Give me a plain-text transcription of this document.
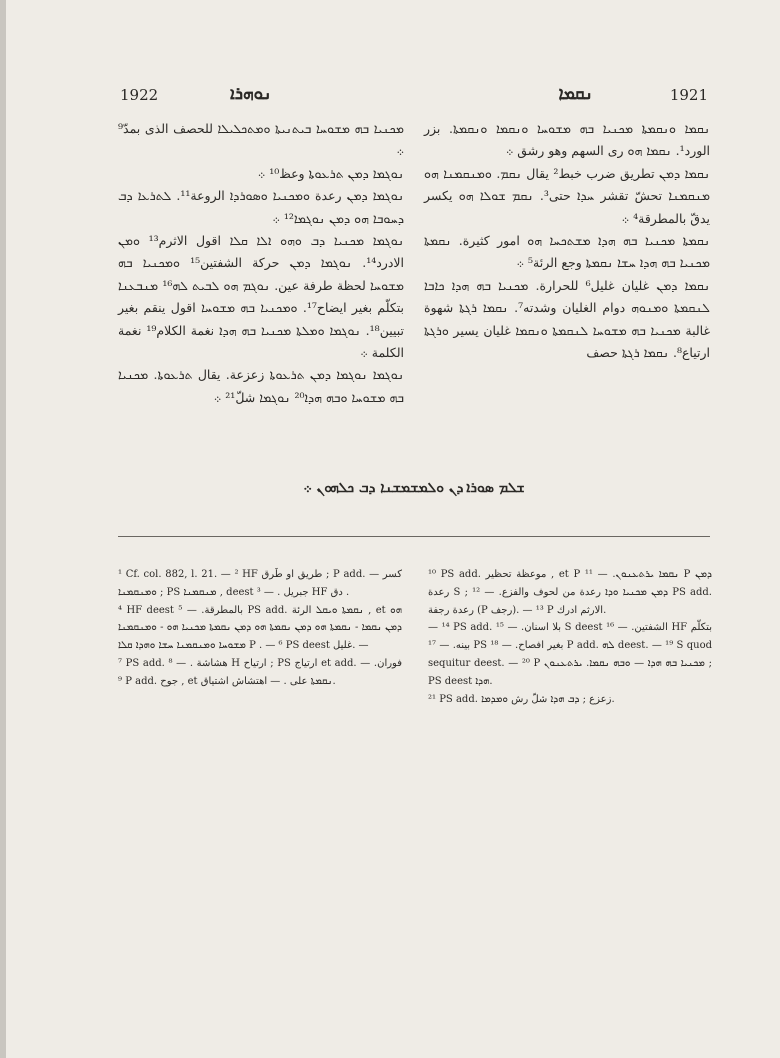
1922	ܢܘܗܪܐ	ܢܩܡܐ	1921

ܡܟܢܝܐ ܒܗ ܡܫܘܚܐ ܒܝܬܢܝܬܐ ܘܡܬܟܠܝܠܐ للحصف الذى بمدّ⁹ ܀

ܢܘܓܡܐ ܕܡܢ ܬܪܥܘܬܐ وعظ¹⁰ ܀

ܢܘܓܡܐ ܕܡܢ رعدة ܘܡܟܢܝܐ ܘܣܘܪܕܐ الروعة¹¹. ܠܬܪܥܐ ܕܒ ܕܚܘܒܐ ܗܘ ܕܡܢ ܢܘܓܡܐ¹² ܀

ܢܘܓܡܐ ܡܟܢܝܐ ܕܒ ܘܗܘ ܐܠܐ ܩܠܐ اقول الاثرم¹³ ܘܡܢ الادرد¹⁴. ܢܘܓܡܐ ܕܡܢ حركة الشفتين¹⁵ ܘܡܟܢܝܐ ܒܗ ܡܫܘܚܐ لحظة طرفة عين. ܢܘܓܡ ܗܘ ܠܒܝܬ ܠܗ¹⁶ ܡܢܒܥܢܐ بتكلّم بغير ايضاح¹⁷. ܘܡܟܢܝܐ ܒܗ ܡܫܘܚܐ اقول ينقم بغير تبيين¹⁸. ܢܘܓܡܐ ܘܡܠܬܐ ܡܟܢܝܐ ܒܗ ܗܕܐ نغمة الكلام¹⁹ نغمة الكلمة ܀

ܢܘܓܡܐ ܢܘܓܡܐ ܕܡܢ ܬܪܥܘܬܐ زعزعة. يقال ܬܪܥܘܬܐ. ܡܟܢܝܐ ܒܗ ܡܫܘܚܐ ܘܒܗ ܗܕܐ²⁰ ܢܘܓܡܐ شلّ²¹ ܀

ܢܩܡܐ ܘܢܩܡܬܐ ܡܟܢܝܐ ܒܗ ܡܫܘܚܐ ܘܢܩܡܐ ܘܢܩܡܬܐ. بزر الورد¹. ܢܩܡܐ ܗܘ رى السهم وهو رشق ܀

ܢܩܡܐ ܕܡܢ تطريق ضرب خبط² يقال ܢܩܡ. ܘܡܢܩܡܢܐ ܗܘ ܡܢܩܡܢܐ تحشّ تقشر ܚܕܐ حتى³. ܢܩܡ ܫܘܠܐ ܗܘ يكسر يدقّ بالمطرقة⁴ ܀

ܢܩܡܬܐ ܡܟܢܝܐ ܒܗ ܗܕܐ ܡܫܬܟܚܐ ܗܘ امور كثيرة. ܢܩܡܬܐ ܡܟܢܝܐ ܒܗ ܗܕܐ ܚܫܐ ܢܩܡܬܐ وجع الرئة⁵ ܀

ܢܩܡܐ ܕܡܢ غليان غليل⁶ للحرارة. ܡܟܢܝܐ ܒܗ ܗܕܐ ܟܐܒܐ ܠܢܩܡܬܐ ܘܡܢܘܗ دوام الغليان وشدته⁷. ܢܩܡܐ ܪܓܬܐ شهوة غالبة ܡܟܢܝܐ ܒܗ ܡܫܘܚܐ ܠܢܩܡܬܐ ܘܢܩܡܐ غليان يسير ܘܪܓܬܐ ارتياع⁸. ܢܩܡܐ ܪܓܬܐ حصف

ܫܠܡ ܣܘܪܐ ܕܢ ܘܠܡܫܡܫܢܐ ܕܒ ܟܠܗܘܢ ܀

¹ Cf. col. 882, l. 21. — ² HF طريق او طَرق ; P add. كسر — ܘܡܢܩܡܢܐ ; PS ܡܢܩܡܢܐ , deest جبريل . — ³ HF دق .

⁴ HF deest بالمطرقة. — ⁵ PS add. ܢܩܡܬܐ ܘܝܩܠ الرئة , et ܗܘ ܕܡܢ ܢܩܡܐ - ܢܩܡܬܐ ܗܘ ܕܡܢ ܢܩܡܬܐ ܗܘ ܕܡܢ ܢܩܡܬܐ ܡܟܢܝܐ ܗܘ - ܘܡܢܩܡܢܐ ܡܫܘܚܐ ܘܡܢܩܡܢܐ ܚܫܐ ܘܗܕܐ ܩܠܐ P . — ⁶ PS deest غليل. —

⁷ PS add. هشاشة . — ⁸ H ارتياح ; PS ارتياج et add. فوران. — ⁹ P add. جوح , et ܢܩܡܬܐ على . — اهتشاش اشتياق.

¹⁰ PS add. موعظة تحظير , et P ܢܩܡܐ ܝܪܬܥܢܘܢ. — ¹¹ P ܕܡܢ رعدة S ; ܕܡܢ ܡܟܢܝܐ ܘܕܐ رعدة من لحوف والفزع. — ¹² PS add. رعدة رجفة (P رجف). — ¹³ P الارثم ادرك.

— ¹⁴ PS add. بلا اسنان. — ¹⁵ S deest الشفتين. — ¹⁶ HF بتكلّم بينه. — ¹⁷ PS بغير افصاح. — ¹⁸ P add. ܠܗ deest. — ¹⁹ S quod sequitur deest. — ²⁰ P ܡܟܢܝܐ ܒܗ ܗܕܐ — ܘܒܗ ܢܩܡܐ. ܝܪܬܥܢܘܢ ; PS deest ܗܕܐ.

²¹ PS add. زعزع ; ܕܒ ܗܕܐ شلّ رش ܘܡܕܡܐ.
